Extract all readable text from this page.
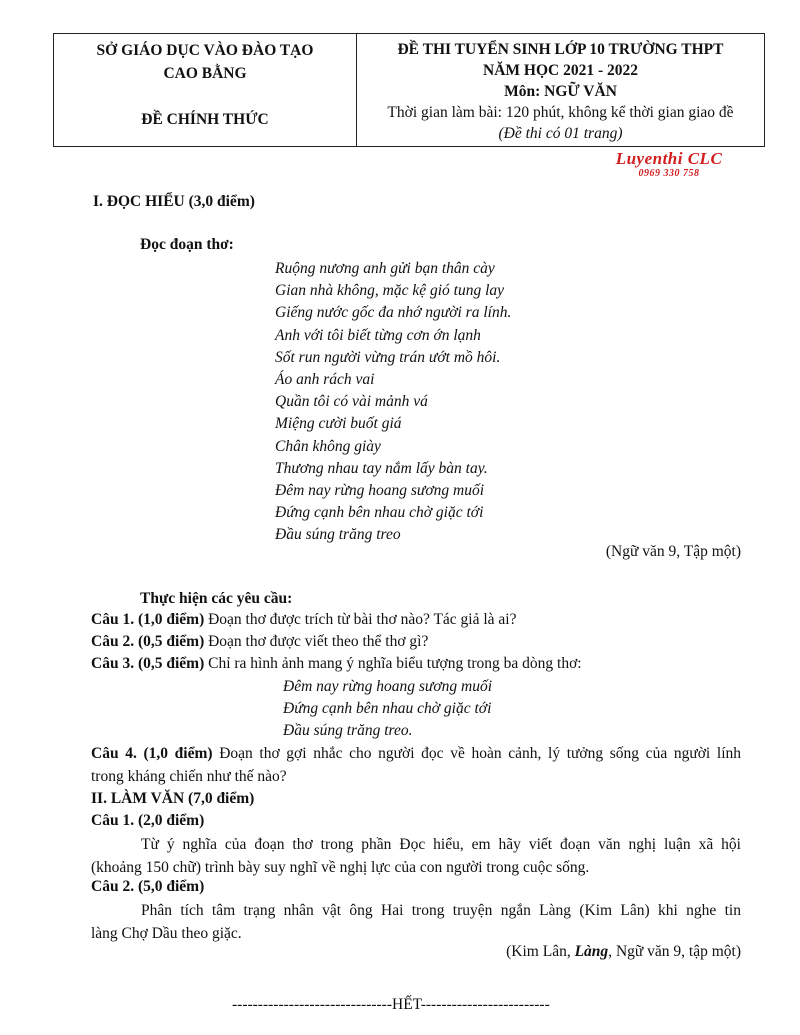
SỞ GIÁO DỤC VÀO ĐÀO TẠO
CAO BẰNG
ĐỀ CHÍNH THỨC
ĐỀ THI TUYỂN SINH LỚP 10 TRƯỜNG THPT
NĂM HỌC 2021 - 2022
Môn: NGỮ VĂN
Thời gian làm bài: 120 phút, không kể thời gian giao đề
(Đề thi có 01 trang)
Luyenthi CLC
0969 330 758
I. ĐỌC HIỂU (3,0 điểm)
Đọc đoạn thơ:
Ruộng nương anh gửi bạn thân cày
Gian nhà không, mặc kệ gió tung lay
Giếng nước gốc đa nhớ người ra lính.
Anh với tôi biết từng cơn ớn lạnh
Sốt run người vừng trán ướt mồ hôi.
Áo anh rách vai
Quần tôi có vài mảnh vá
Miệng cười buốt giá
Chân không giày
Thương nhau tay nắm lấy bàn tay.
Đêm nay rừng hoang sương muối
Đứng cạnh bên nhau chờ giặc tới
Đầu súng trăng treo
(Ngữ văn 9, Tập một)
Thực hiện các yêu cầu:
Câu 1. (1,0 điểm) Đoạn thơ được trích từ bài thơ nào? Tác giả là ai?
Câu 2. (0,5 điểm) Đoạn thơ được viết theo thể thơ gì?
Câu 3. (0,5 điểm) Chỉ ra hình ảnh mang ý nghĩa biểu tượng trong ba dòng thơ:
Đêm nay rừng hoang sương muối
Đứng cạnh bên nhau chờ giặc tới
Đầu súng trăng treo.
Câu 4. (1,0 điểm) Đoạn thơ gợi nhắc cho người đọc về hoàn cảnh, lý tưởng sống của người lính
trong kháng chiến như thế nào?
II. LÀM VĂN (7,0 điểm)
Câu 1. (2,0 điểm)
Từ ý nghĩa của đoạn thơ trong phần Đọc hiểu, em hãy viết đoạn văn nghị luận xã hội
(khoảng 150 chữ) trình bày suy nghĩ về nghị lực của con người trong cuộc sống.
Câu 2. (5,0 điểm)
Phân tích tâm trạng nhân vật ông Hai trong truyện ngắn Làng (Kim Lân) khi nghe tin
làng Chợ Dầu theo giặc.
(Kim Lân, Làng, Ngữ văn 9, tập một)
-------------------------------HẾT-------------------------
